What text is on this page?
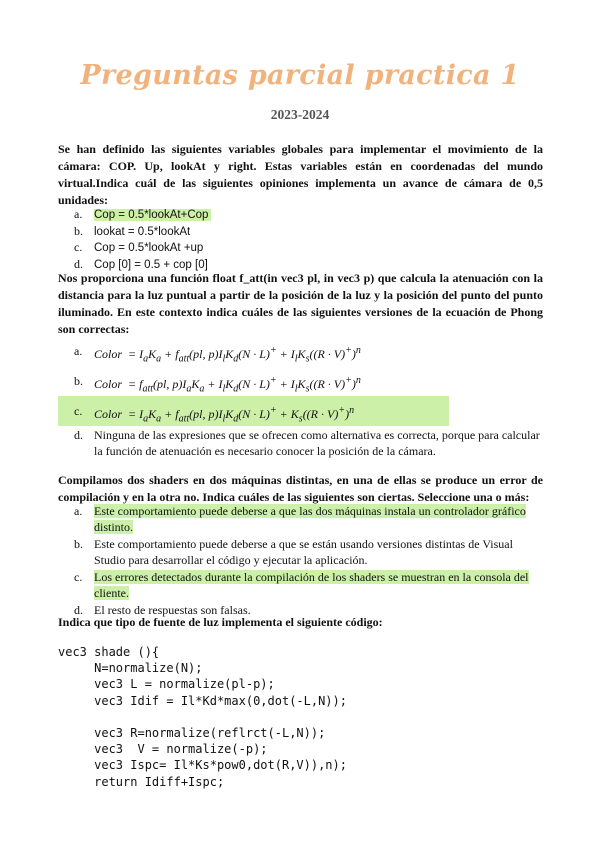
Preguntas parcial practica 1
2023-2024
Se han definido las siguientes variables globales para implementar el movimiento de la cámara: COP. Up, lookAt y right. Estas variables están en coordenadas del mundo virtual.Indica cuál de las siguientes opiniones implementa un avance de cámara de 0,5 unidades:
a. Cop = 0.5*lookAt+Cop
b. lookat = 0.5*lookAt
c. Cop = 0.5*lookAt +up
d. Cop [0] = 0.5 + cop [0]
Nos proporciona una función float f_att(in vec3 pl, in vec3 p) que calcula la atenuación con la distancia para la luz puntual a partir de la posición de la luz y la posición del punto del punto iluminado. En este contexto indica cuáles de las siguientes versiones de la ecuación de Phong son correctas:
a. Color  = $I_aK_a + f_{att}(pl$, $p)I_lK_d(N \cdot L)^+ + I_lK_s((R \cdot V)^+)^n$
b. Color  = $f_{att}(pl$, $p)I_aK_a + I_lK_d(N \cdot L)^+ + I_lK_s((R \cdot V)^+)^n$
c. Color  = $I_aK_a + f_{att}(pl$, $p)I_lK_d(N \cdot L)^+ + K_s((R \cdot V)^+)^n$
d. Ninguna de las expresiones que se ofrecen como alternativa es correcta, porque para calcular la función de atenuación es necesario conocer la posición de la cámara.
Compilamos dos shaders en dos máquinas distintas, en una de ellas se produce un error de compilación y en la otra no. Indica cuáles de las siguientes son ciertas. Seleccione una o más:
a. Este comportamiento puede deberse a que las dos máquinas instala un controlador gráfico distinto.
b. Este comportamiento puede deberse a que se están usando versiones distintas de Visual Studio para desarrollar el código y ejecutar la aplicación.
c. Los errores detectados durante la compilación de los shaders se muestran en la consola del cliente.
d. El resto de respuestas son falsas.
Indica que tipo de fuente de luz implementa el siguiente código:
vec3 shade (){
N=normalize(N);
vec3 L = normalize(pl-p);
vec3 Idif = Il*Kd*max(0,dot(-L,N));

vec3 R=normalize(reflrct(-L,N));
vec3  V = normalize(-p);
vec3 Ispc= Il*Ks*pow0,dot(R,V)),n);
return Idiff+Ispc;
